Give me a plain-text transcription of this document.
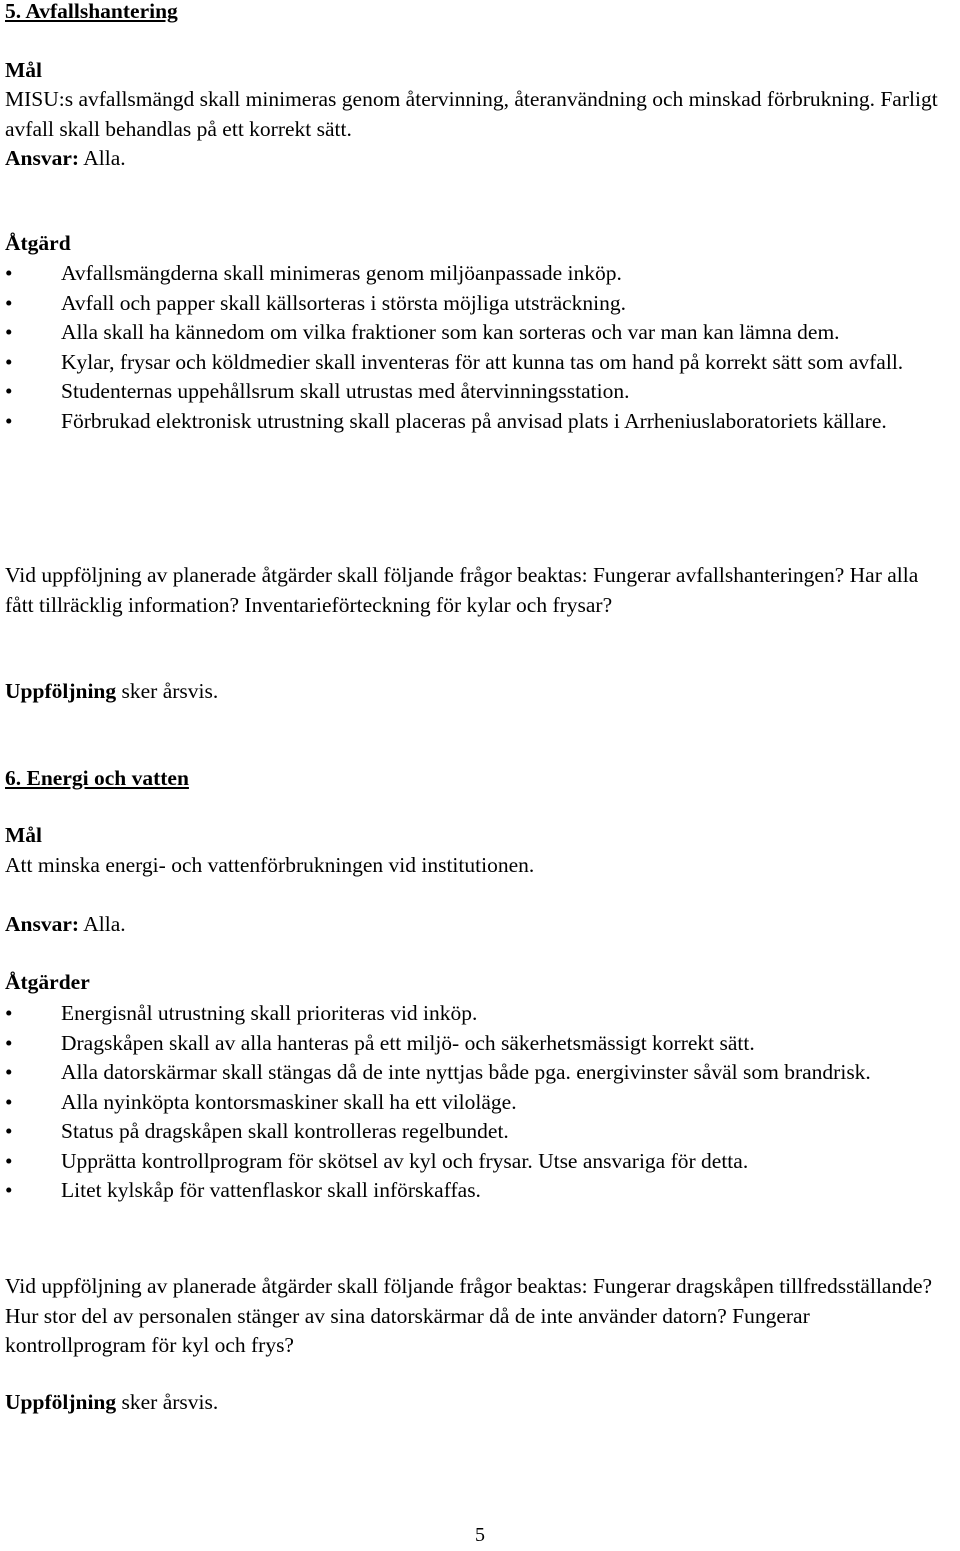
5. Avfallshantering
Mål

MISU:s avfallsmängd skall minimeras genom återvinning, återanvändning och minskad förbrukning. Farligt avfall skall behandlas på ett korrekt sätt.

Ansvar: Alla.
Åtgärd
• Avfallsmängderna skall minimeras genom miljöanpassade inköp.
• Avfall och papper skall källsorteras i största möjliga utsträckning.
• Alla skall ha kännedom om vilka fraktioner som kan sorteras och var man kan lämna dem.
• Kylar, frysar och köldmedier skall inventeras för att kunna tas om hand på korrekt sätt som avfall.
• Studenternas uppehållsrum skall utrustas med återvinningsstation.
• Förbrukad elektronisk utrustning skall placeras på anvisad plats i Arrheniuslaboratoriets källare.

Vid uppföljning av planerade åtgärder skall följande frågor beaktas: Fungerar avfallshanteringen? Har alla fått tillräcklig information? Inventarieförteckning för kylar och frysar?

Uppföljning sker årsvis.
6. Energi och vatten
Mål
Att minska energi- och vattenförbrukningen vid institutionen.
Ansvar: Alla.
Åtgärder
• Energisnål utrustning skall prioriteras vid inköp.
• Dragskåpen skall av alla hanteras på ett miljö- och säkerhetsmässigt korrekt sätt.
• Alla datorskärmar skall stängas då de inte nyttjas både pga. energivinster såväl som brandrisk.
• Alla nyinköpta kontorsmaskiner skall ha ett viloläge.
• Status på dragskåpen skall kontrolleras regelbundet.
• Upprätta kontrollprogram för skötsel av kyl och frysar. Utse ansvariga för detta.
• Litet kylskåp för vattenflaskor skall införskaffas.

Vid uppföljning av planerade åtgärder skall följande frågor beaktas: Fungerar dragskåpen tillfredsställande? Hur stor del av personalen stänger av sina datorskärmar då de inte använder datorn? Fungerar kontrollprogram för kyl och frys?

Uppföljning sker årsvis.
5
